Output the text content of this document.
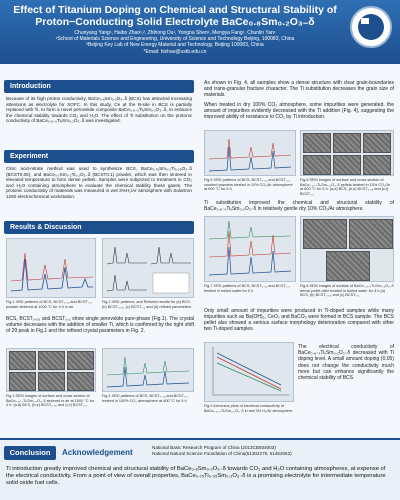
Effect of Titanium Doping on Chemical and Structural Stability of
Proton−Conducting Solid Electrolyte BaCe₀.₈Sm₀.₂O₃₋δ
Chunyang Yang¹, Haibo Zhao¹,², Zhihong Du¹, Yongna Shen¹, Mengya Fang¹, Chunlin Yan¹
¹School of Materials Science and Engineering, University of Science and Technology Beijing, 100083, China
²Beijing Key Lab of New Energy Material and Technology, Beijing 100083, China
*Email: hizhao@ustb.edu.cn
Introduction
Because of its high proton conductivity, BaCe₀.₈Sm₀.₂O₃₋δ (BCS) has attracted increasing attentions as electrolyte for SOFC. In this study, Ce at the B-site in BCS is partially replaced with Ti, to form a novel perovskite composite BaCe₀.₈₋ₓTiₓSm₀.₂O₃₋δ, to enhance the chemical stability towards CO₂ and H₂O. The effect of Ti substitution on the protonic conductivity of BaCe₀.₈₋ₓTiₓSm₀.₂O₃₋δ was investigated.
Experiment
Citric acid-nitrate method was used to synthesize BCS, BaCe₀.₇₅Sm₀.₂Ti₀.₀₅O₃₋δ (BCST0.05), and BaCe₀.₇Sm₀.₂Ti₀.₁O₃₋δ (BCST0.1) powder, which was then sintered in elevated temperature to form dense pellets. Samples were subjected to treatment in CO₂ and H₂O containing atmosphere to evaluate the chemical stability these gases. The protonic conductivity of materials was measured in wet 3%H₂/Ar atmosphere with Solartron 1260 electrochemical workstation.
Results & Discussion
Fig.1 XRD patterns of BCS, BCST₀.₀₅ and BCST₀.₁ powder sintered at 1000 °C for 4 h in air
Fig.2 XRD patterns, and Rietveld results for (a) BCS, (b) BCST₀.₀₅, (c) BCST₀.₁ and (d) refined parameters
BCS, BCST₀.₀₅ and BCST₀.₁ show single perovskite pure-phase (Fig.1). The crystal volume decreases with the addition of smaller Ti, which is confirmed by the right shift of 2θ peak in Fig.1 and the refined crystal parameters in Fig. 2.
Fig.3 SEM images of surface and cross section of BaCe₀.₈₋ₓTiₓSm₀.₂O₃₋δ sintered in air at 1500 °C for 4 h. (a,d) BCS, (b,e) BCST₀.₀₅ and (c,f) BCST₀.₁
Fig.4 XRD patterns of BCS, BCST₀.₀₅ and BCST₀.₁ treated in 100% CO₂ atmosphere at 600 °C for 5 h
As shown in Fig. 4, all samples show a dense structure with clear grain-boundaries and trans-granular fracture character. The Ti substitution decreases the grain size of materials.
When treated in dry 100% CO₂ atmosphere, some impurities were generated. the amount of impurities evidently decreased with the Ti addition (Fig. 4), suggesting the improved ability of resistance to CO₂ by Ti introduction.
Fig.5 XRD patterns of BCS, BCST₀.₀₅ and BCST₀.₁ crushed powders treated in 10% CO₂/Ar atmosphere at 600 °C for 5 h
Fig.6 SEM images of surface and cross section of BaCe₀.₈₋ₓTiₓSm₀.₂O₃₋δ pellets treated in 10% CO₂/Ar at 600 °C for 5 h. (a,d) BCS, (b,e) BCST₀.₀₅ and (c,f) BCST₀.₁
Ti substitution improved the chemical and structural stability of BaCe₀.₈₋ₓTiₓSm₀.₂O₃₋δ in relatively gentle dry 10% CO₂/Ar atmosphere.
Fig.7 XRD patterns of BCS, BCST₀.₀₅ and BCST₀.₁ treated in boiled water for 5 h
Fig.8 SEM images of surface of BaCe₀.₈₋ₓTiₓSm₀.₂O₃₋δ dense pellet after treated in boiled water for 3 h (a) BCS, (b) BCST₀.₀₅ and (c) BCST₀.₁
Only small amount of impurities were produced in Ti-doped samples while many impurities such as Ba(OH)₂, CeO₂ and BaCO₃ were formed in BCS sample. The BCS pellet also showed a serious surface morphology deterioration compared with other two Ti-doped samples.
Fig.9 Arrhenius plots of electrical conductivity of BaCe₀.₈₋ₓTiₓSm₀.₂O₃₋δ in wet 3% H₂/Ar atmosphere
The electrical conductivity of BaCe₀.₈₋ₓTiₓSm₀.₂O₃₋δ decreased with Ti doping level. A small amount doping (0.05) does not change the conductivity much more but can enhance significantly the chemical stability of BCS.
Conclusion	Acknowledgement
National Basic Research Program of China (2013CB934003)
National Natural Science Foundation of China(51302275, 51452062)
Ti introduction greatly improved chemical and structural stability of BaCe₀.₈Sm₀.₂O₃₋δ towards CO₂ and H₂O containing atmospheres, at expense of the electrical conductivity. From a point of view of overall properties, BaCe₀.₇₅Ti₀.₀₅Sm₀.₂O₃₋δ is a promising electrolyte for intermediate temperature solid oxide fuel cells.
